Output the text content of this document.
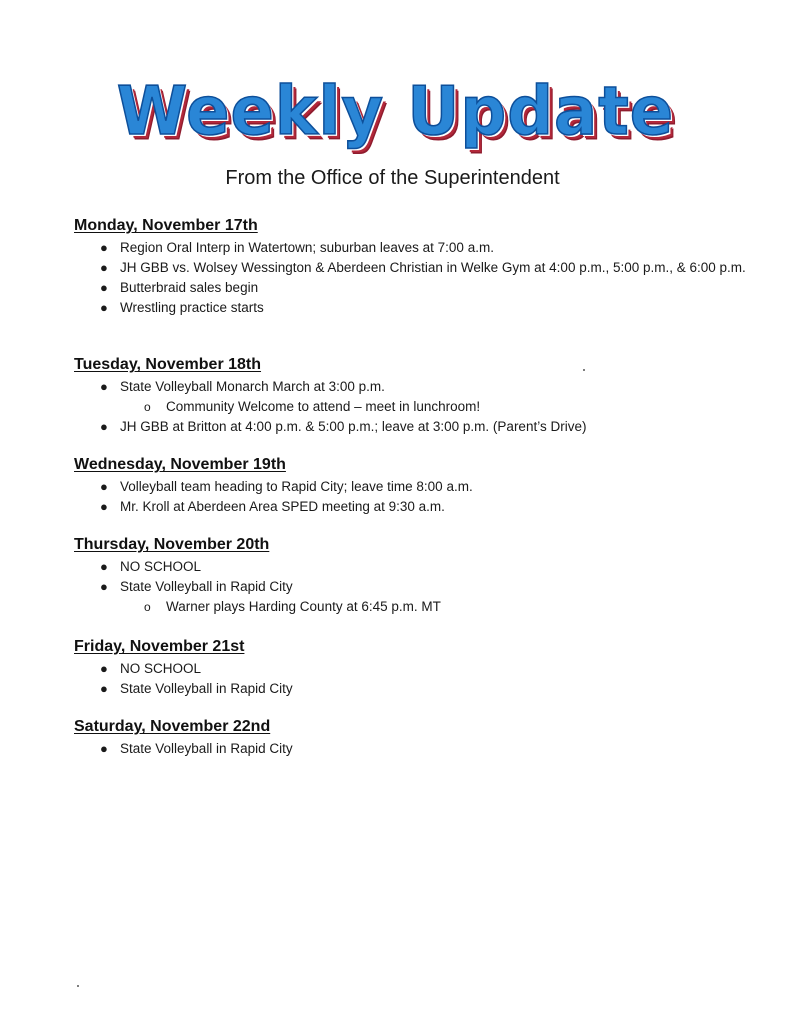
Weekly Update
From the Office of the Superintendent
Monday, November 17th
● Region Oral Interp in Watertown; suburban leaves at 7:00 a.m.
● JH GBB vs. Wolsey Wessington & Aberdeen Christian in Welke Gym at 4:00 p.m., 5:00 p.m., & 6:00 p.m.
● Butterbraid sales begin
● Wrestling practice starts
Tuesday, November 18th
● State Volleyball Monarch March at 3:00 p.m.
o Community Welcome to attend – meet in lunchroom!
● JH GBB at Britton at 4:00 p.m. & 5:00 p.m.; leave at 3:00 p.m. (Parent’s Drive)
Wednesday, November 19th
● Volleyball team heading to Rapid City; leave time 8:00 a.m.
● Mr. Kroll at Aberdeen Area SPED meeting at 9:30 a.m.
Thursday, November 20th
● NO SCHOOL
● State Volleyball in Rapid City
o Warner plays Harding County at 6:45 p.m. MT
Friday, November 21st
● NO SCHOOL
● State Volleyball in Rapid City
Saturday, November 22nd
● State Volleyball in Rapid City
